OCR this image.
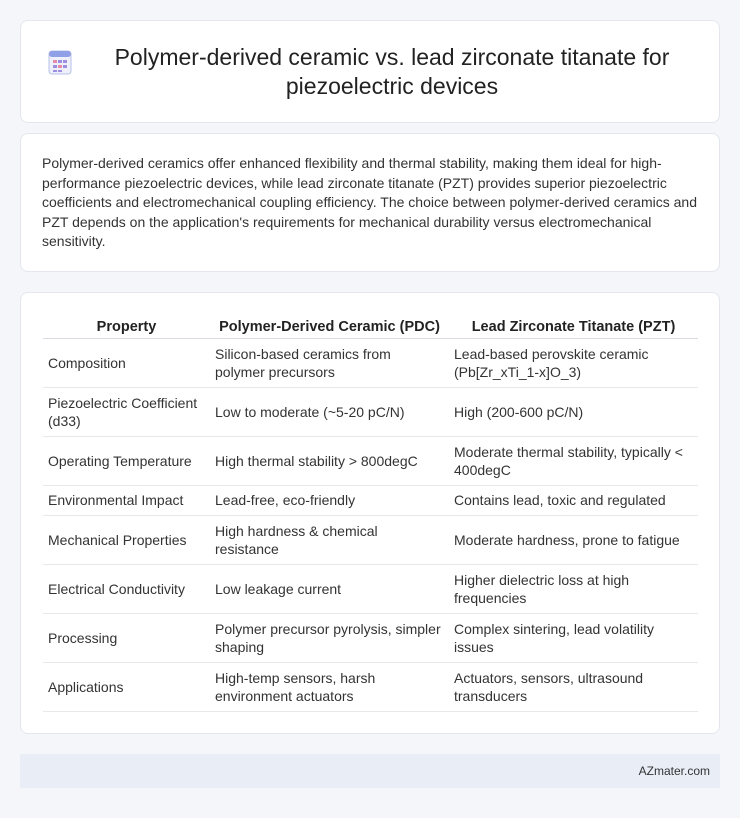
Polymer-derived ceramic vs. lead zirconate titanate for piezoelectric devices

Polymer-derived ceramics offer enhanced flexibility and thermal stability, making them ideal for high-performance piezoelectric devices, while lead zirconate titanate (PZT) provides superior piezoelectric coefficients and electromechanical coupling efficiency. The choice between polymer-derived ceramics and PZT depends on the application's requirements for mechanical durability versus electromechanical sensitivity.

Property	Polymer-Derived Ceramic (PDC)	Lead Zirconate Titanate (PZT)
Composition	Silicon-based ceramics from polymer precursors	Lead-based perovskite ceramic (Pb[Zr_xTi_1-x]O_3)
Piezoelectric Coefficient (d33)	Low to moderate (~5-20 pC/N)	High (200-600 pC/N)
Operating Temperature	High thermal stability > 800degC	Moderate thermal stability, typically < 400degC
Environmental Impact	Lead-free, eco-friendly	Contains lead, toxic and regulated
Mechanical Properties	High hardness & chemical resistance	Moderate hardness, prone to fatigue
Electrical Conductivity	Low leakage current	Higher dielectric loss at high frequencies
Processing	Polymer precursor pyrolysis, simpler shaping	Complex sintering, lead volatility issues
Applications	High-temp sensors, harsh environment actuators	Actuators, sensors, ultrasound transducers
AZmater.com
